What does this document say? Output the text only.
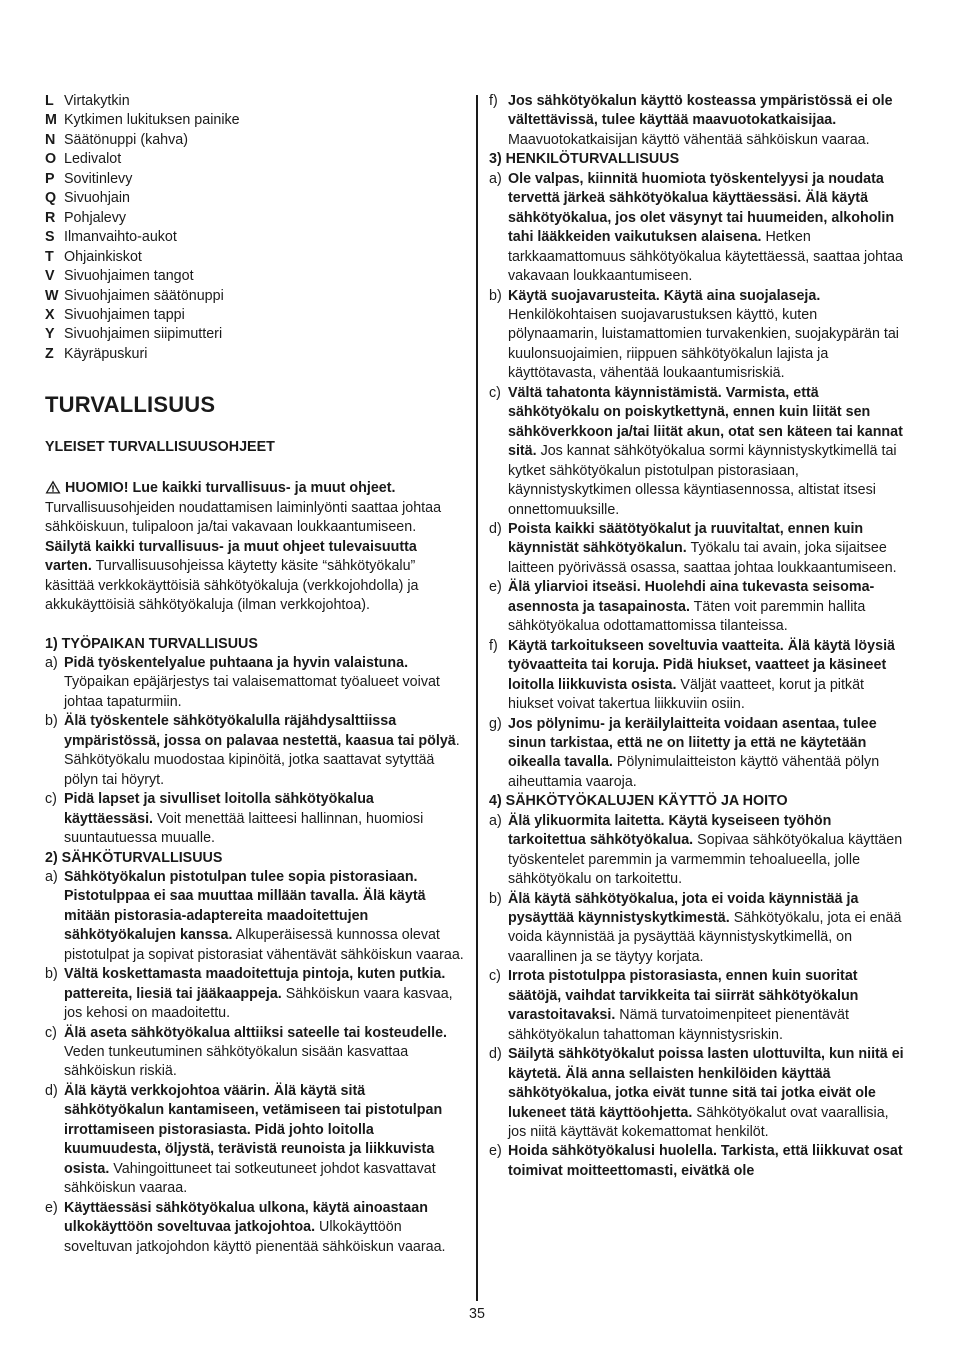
L Virtakytkin
M Kytkimen lukituksen painike
N Säätönuppi (kahva)
O Ledivalot
P Sovitinlevy
Q Sivuohjain
R Pohjalevy
S Ilmanvaihto-aukot
T Ohjainkiskot
V Sivuohjaimen tangot
W Sivuohjaimen säätönuppi
X Sivuohjaimen tappi
Y Sivuohjaimen siipimutteri
Z Käyräpuskuri
TURVALLISUUS
YLEISET TURVALLISUUSOHJEET

HUOMIO! Lue kaikki turvallisuus- ja muut ohjeet. Turvallisuusohjeiden noudattamisen laiminlyönti saattaa johtaa sähköiskuun, tulipaloon ja/tai vakavaan loukkaantumiseen. Säilytä kaikki turvallisuus- ja muut ohjeet tulevaisuutta varten. Turvallisuusohjeissa käytetty käsite “sähkötyökalu” käsittää verkkokäyttöisiä sähkötyökaluja (verkkojohdolla) ja akkukäyttöisiä sähkötyökaluja (ilman verkkojohtoa).

1) TYÖPAIKAN TURVALLISUUS

a) Pidä työskentelyalue puhtaana ja hyvin valaistuna. Työpaikan epäjärjestys tai valaisemattomat työalueet voivat johtaa tapaturmiin.
b) Älä työskentele sähkötyökalulla räjähdysalttiissa ympäristössä, jossa on palavaa nestettä, kaasua tai pölyä. Sähkötyökalu muodostaa kipinöitä, jotka saattavat sytyttää pölyn tai höyryt.
c) Pidä lapset ja sivulliset loitolla sähkötyökalua käyttäessäsi. Voit menettää laitteesi hallinnan, huomiosi suuntautuessa muualle.

2) SÄHKÖTURVALLISUUS

a) Sähkötyökalun pistotulpan tulee sopia pistorasiaan. Pistotulppaa ei saa muuttaa millään tavalla. Älä käytä mitään pistorasia-adaptereita maadoitettujen sähkötyökalujen kanssa. Alkuperäisessä kunnossa olevat pistotulpat ja sopivat pistorasiat vähentävät sähköiskun vaaraa.
b) Vältä koskettamasta maadoitettuja pintoja, kuten putkia. pattereita, liesiä tai jääkaappeja. Sähköiskun vaara kasvaa, jos kehosi on maadoitettu.
c) Älä aseta sähkötyökalua alttiiksi sateelle tai kosteudelle. Veden tunkeutuminen sähkötyökalun sisään kasvattaa sähköiskun riskiä.
d) Älä käytä verkkojohtoa väärin. Älä käytä sitä sähkötyökalun kantamiseen, vetämiseen tai pistotulpan irrottamiseen pistorasiasta. Pidä johto loitolla kuumuudesta, öljystä, terävistä reunoista ja liikkuvista osista. Vahingoittuneet tai sotkeutuneet johdot kasvattavat sähköiskun vaaraa.
e) Käyttäessäsi sähkötyökalua ulkona, käytä ainoastaan ulkokäyttöön soveltuvaa jatkojohtoa. Ulkokäyttöön soveltuvan jatkojohdon käyttö pienentää sähköiskun vaaraa.
f) Jos sähkötyökalun käyttö kosteassa ympäristössä ei ole vältettävissä, tulee käyttää maavuotokatkaisijaa. Maavuotokatkaisijan käyttö vähentää sähköiskun vaaraa.

3) HENKILÖTURVALLISUUS

a) Ole valpas, kiinnitä huomiota työskentelyysi ja noudata tervettä järkeä sähkötyökalua käyttäessäsi. Älä käytä sähkötyökalua, jos olet väsynyt tai huumeiden, alkoholin tahi lääkkeiden vaikutuksen alaisena. Hetken tarkkaamattomuus sähkötyökalua käytettäessä, saattaa johtaa vakavaan loukkaantumiseen.
b) Käytä suojavarusteita. Käytä aina suojalaseja. Henkilökohtaisen suojavarustuksen käyttö, kuten pölynaamarin, luistamattomien turvakenkien, suojakypärän tai kuulonsuojaimien, riippuen sähkötyökalun lajista ja käyttötavasta, vähentää loukaantumisriskiä.
c) Vältä tahatonta käynnistämistä. Varmista, että sähkötyökalu on poiskytkettynä, ennen kuin liität sen sähköverkkoon ja/tai liität akun, otat sen käteen tai kannat sitä. Jos kannat sähkötyökalua sormi käynnistyskytkimellä tai kytket sähkötyökalun pistotulpan pistorasiaan, käynnistyskytkimen ollessa käyntiasennossa, altistat itsesi onnettomuuksille.
d) Poista kaikki säätötyökalut ja ruuvitaltat, ennen kuin käynnistät sähkötyökalun. Työkalu tai avain, joka sijaitsee laitteen pyörivässä osassa, saattaa johtaa loukkaantumiseen.
e) Älä yliarvioi itseäsi. Huolehdi aina tukevasta seisoma-asennosta ja tasapainosta. Täten voit paremmin hallita sähkötyökalua odottamattomissa tilanteissa.
f) Käytä tarkoitukseen soveltuvia vaatteita. Älä käytä löysiä työvaatteita tai koruja. Pidä hiukset, vaatteet ja käsineet loitolla liikkuvista osista. Väljät vaatteet, korut ja pitkät hiukset voivat takertua liikkuviin osiin.
g) Jos pölynimu- ja keräilylaitteita voidaan asentaa, tulee sinun tarkistaa, että ne on liitetty ja että ne käytetään oikealla tavalla. Pölynimulaitteiston käyttö vähentää pölyn aiheuttamia vaaroja.

4) SÄHKÖTYÖKALUJEN KÄYTTÖ JA HOITO

a) Älä ylikuormita laitetta. Käytä kyseiseen työhön tarkoitettua sähkötyökalua. Sopivaa sähkötyökalua käyttäen työskentelet paremmin ja varmemmin tehoalueella, jolle sähkötyökalu on tarkoitettu.
b) Älä käytä sähkötyökalua, jota ei voida käynnistää ja pysäyttää käynnistyskytkimestä. Sähkötyökalu, jota ei enää voida käynnistää ja pysäyttää käynnistyskytkimellä, on vaarallinen ja se täytyy korjata.
c) Irrota pistotulppa pistorasiasta, ennen kuin suoritat säätöjä, vaihdat tarvikkeita tai siirrät sähkötyökalun varastoitavaksi. Nämä turvatoimenpiteet pienentävät sähkötyökalun tahattoman käynnistysriskin.
d) Säilytä sähkötyökalut poissa lasten ulottuvilta, kun niitä ei käytetä. Älä anna sellaisten henkilöiden käyttää sähkötyökalua, jotka eivät tunne sitä tai jotka eivät ole lukeneet tätä käyttöohjetta. Sähkötyökalut ovat vaarallisia, jos niitä käyttävät kokemattomat henkilöt.
e) Hoida sähkötyökalusi huolella. Tarkista, että liikkuvat osat toimivat moitteettomasti, eivätkä ole
35
